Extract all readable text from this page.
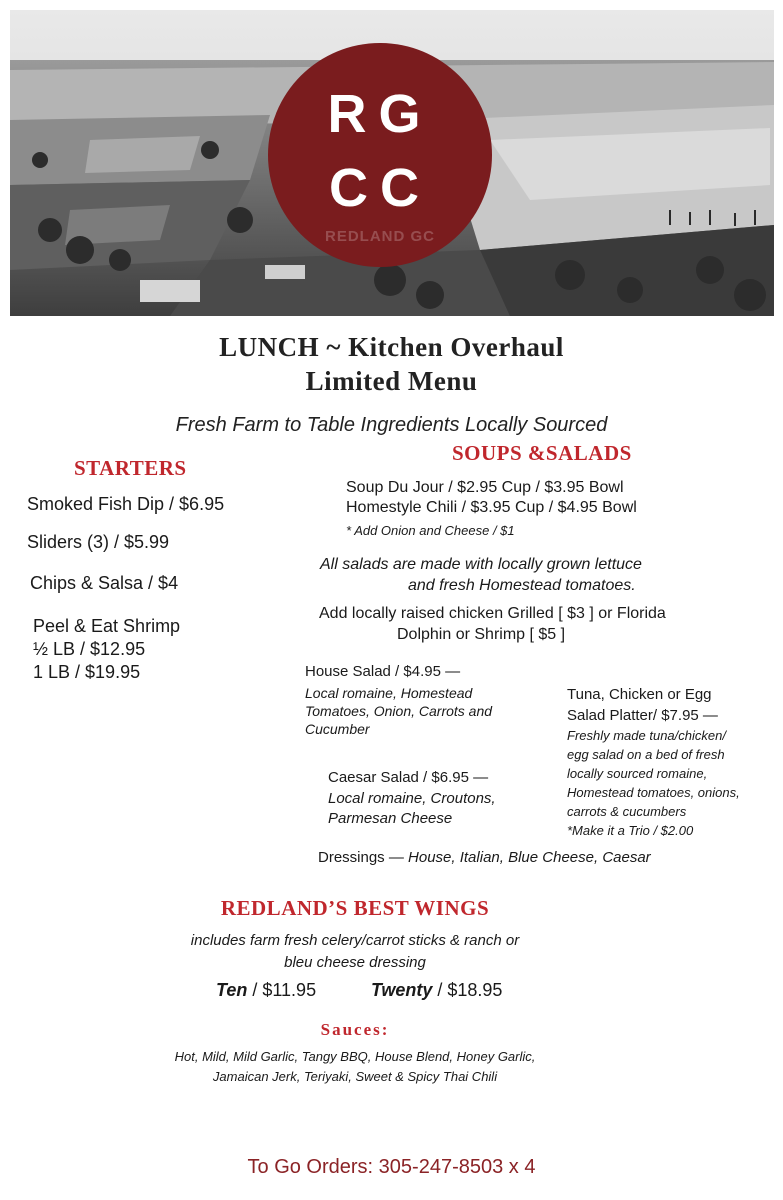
RG
CC
REDLAND GC
LUNCH ~ Kitchen Overhaul
Limited Menu
Fresh Farm to Table Ingredients Locally Sourced
STARTERS
Smoked Fish Dip / $6.95
Sliders (3) / $5.99
Chips & Salsa / $4
Peel & Eat Shrimp
½ LB / $12.95
1 LB / $19.95
SOUPS &SALADS
Soup Du Jour / $2.95 Cup / $3.95 Bowl
Homestyle Chili / $3.95 Cup / $4.95 Bowl
* Add Onion and Cheese / $1
All salads are made with locally grown lettuce
and fresh Homestead tomatoes.
Add locally raised chicken Grilled [ $3 ] or Florida
Dolphin or Shrimp [ $5 ]
House Salad / $4.95 —
Local romaine, Homestead
Tomatoes, Onion, Carrots and
Cucumber
Tuna, Chicken or Egg
Salad Platter/ $7.95 —
Freshly made tuna/chicken/
egg salad on a bed of fresh
locally sourced romaine,
Homestead tomatoes, onions,
carrots & cucumbers
*Make it a Trio / $2.00
Caesar Salad / $6.95 —
Local romaine, Croutons,
Parmesan Cheese
Dressings — House, Italian, Blue Cheese, Caesar
REDLAND’S BEST WINGS
includes farm fresh celery/carrot sticks & ranch or
bleu cheese dressing
Ten / $11.95	Twenty / $18.95
Sauces:
Hot, Mild, Mild Garlic, Tangy BBQ, House Blend, Honey Garlic,
Jamaican Jerk, Teriyaki, Sweet & Spicy Thai Chili
To Go Orders: 305-247-8503 x 4
